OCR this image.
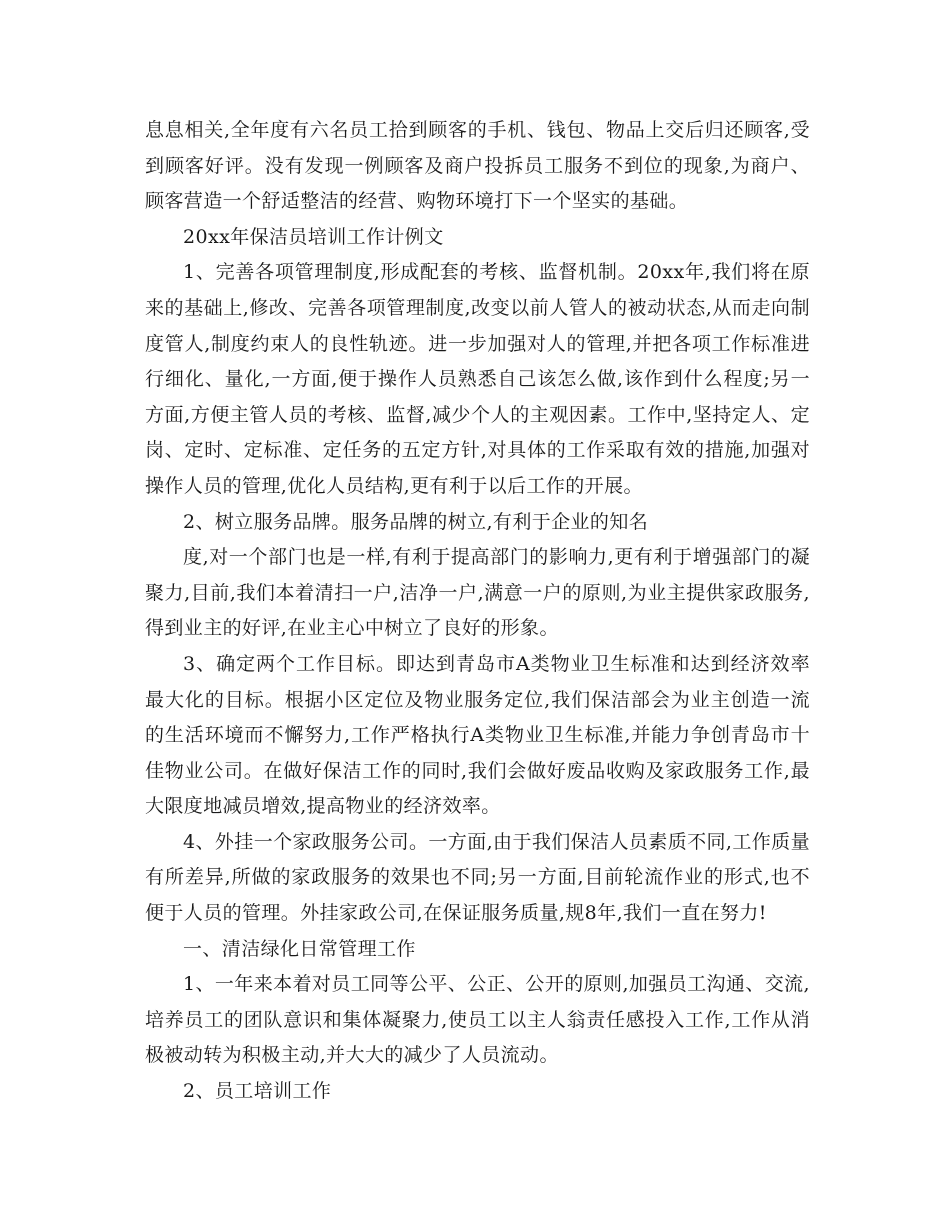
息息相关,全年度有六名员工拾到顾客的手机、钱包、物品上交后归还顾客,受到顾客好评。没有发现一例顾客及商户投拆员工服务不到位的现象,为商户、顾客营造一个舒适整洁的经营、购物环境打下一个坚实的基础。

20xx年保洁员培训工作计例文

1、完善各项管理制度,形成配套的考核、监督机制。20xx年,我们将在原来的基础上,修改、完善各项管理制度,改变以前人管人的被动状态,从而走向制度管人,制度约束人的良性轨迹。进一步加强对人的管理,并把各项工作标准进行细化、量化,一方面,便于操作人员熟悉自己该怎么做,该作到什么程度;另一方面,方便主管人员的考核、监督,减少个人的主观因素。工作中,坚持定人、定岗、定时、定标准、定任务的五定方针,对具体的工作采取有效的措施,加强对操作人员的管理,优化人员结构,更有利于以后工作的开展。

2、树立服务品牌。服务品牌的树立,有利于企业的知名

度,对一个部门也是一样,有利于提高部门的影响力,更有利于增强部门的凝聚力,目前,我们本着清扫一户,洁净一户,满意一户的原则,为业主提供家政服务,得到业主的好评,在业主心中树立了良好的形象。

3、确定两个工作目标。即达到青岛市A类物业卫生标准和达到经济效率最大化的目标。根据小区定位及物业服务定位,我们保洁部会为业主创造一流的生活环境而不懈努力,工作严格执行A类物业卫生标准,并能力争创青岛市十佳物业公司。在做好保洁工作的同时,我们会做好废品收购及家政服务工作,最大限度地减员增效,提高物业的经济效率。

4、外挂一个家政服务公司。一方面,由于我们保洁人员素质不同,工作质量有所差异,所做的家政服务的效果也不同;另一方面,目前轮流作业的形式,也不便于人员的管理。外挂家政公司,在保证服务质量,规8年,我们一直在努力!

一、清洁绿化日常管理工作

1、一年来本着对员工同等公平、公正、公开的原则,加强员工沟通、交流,培养员工的团队意识和集体凝聚力,使员工以主人翁责任感投入工作,工作从消极被动转为积极主动,并大大的减少了人员流动。

2、员工培训工作
